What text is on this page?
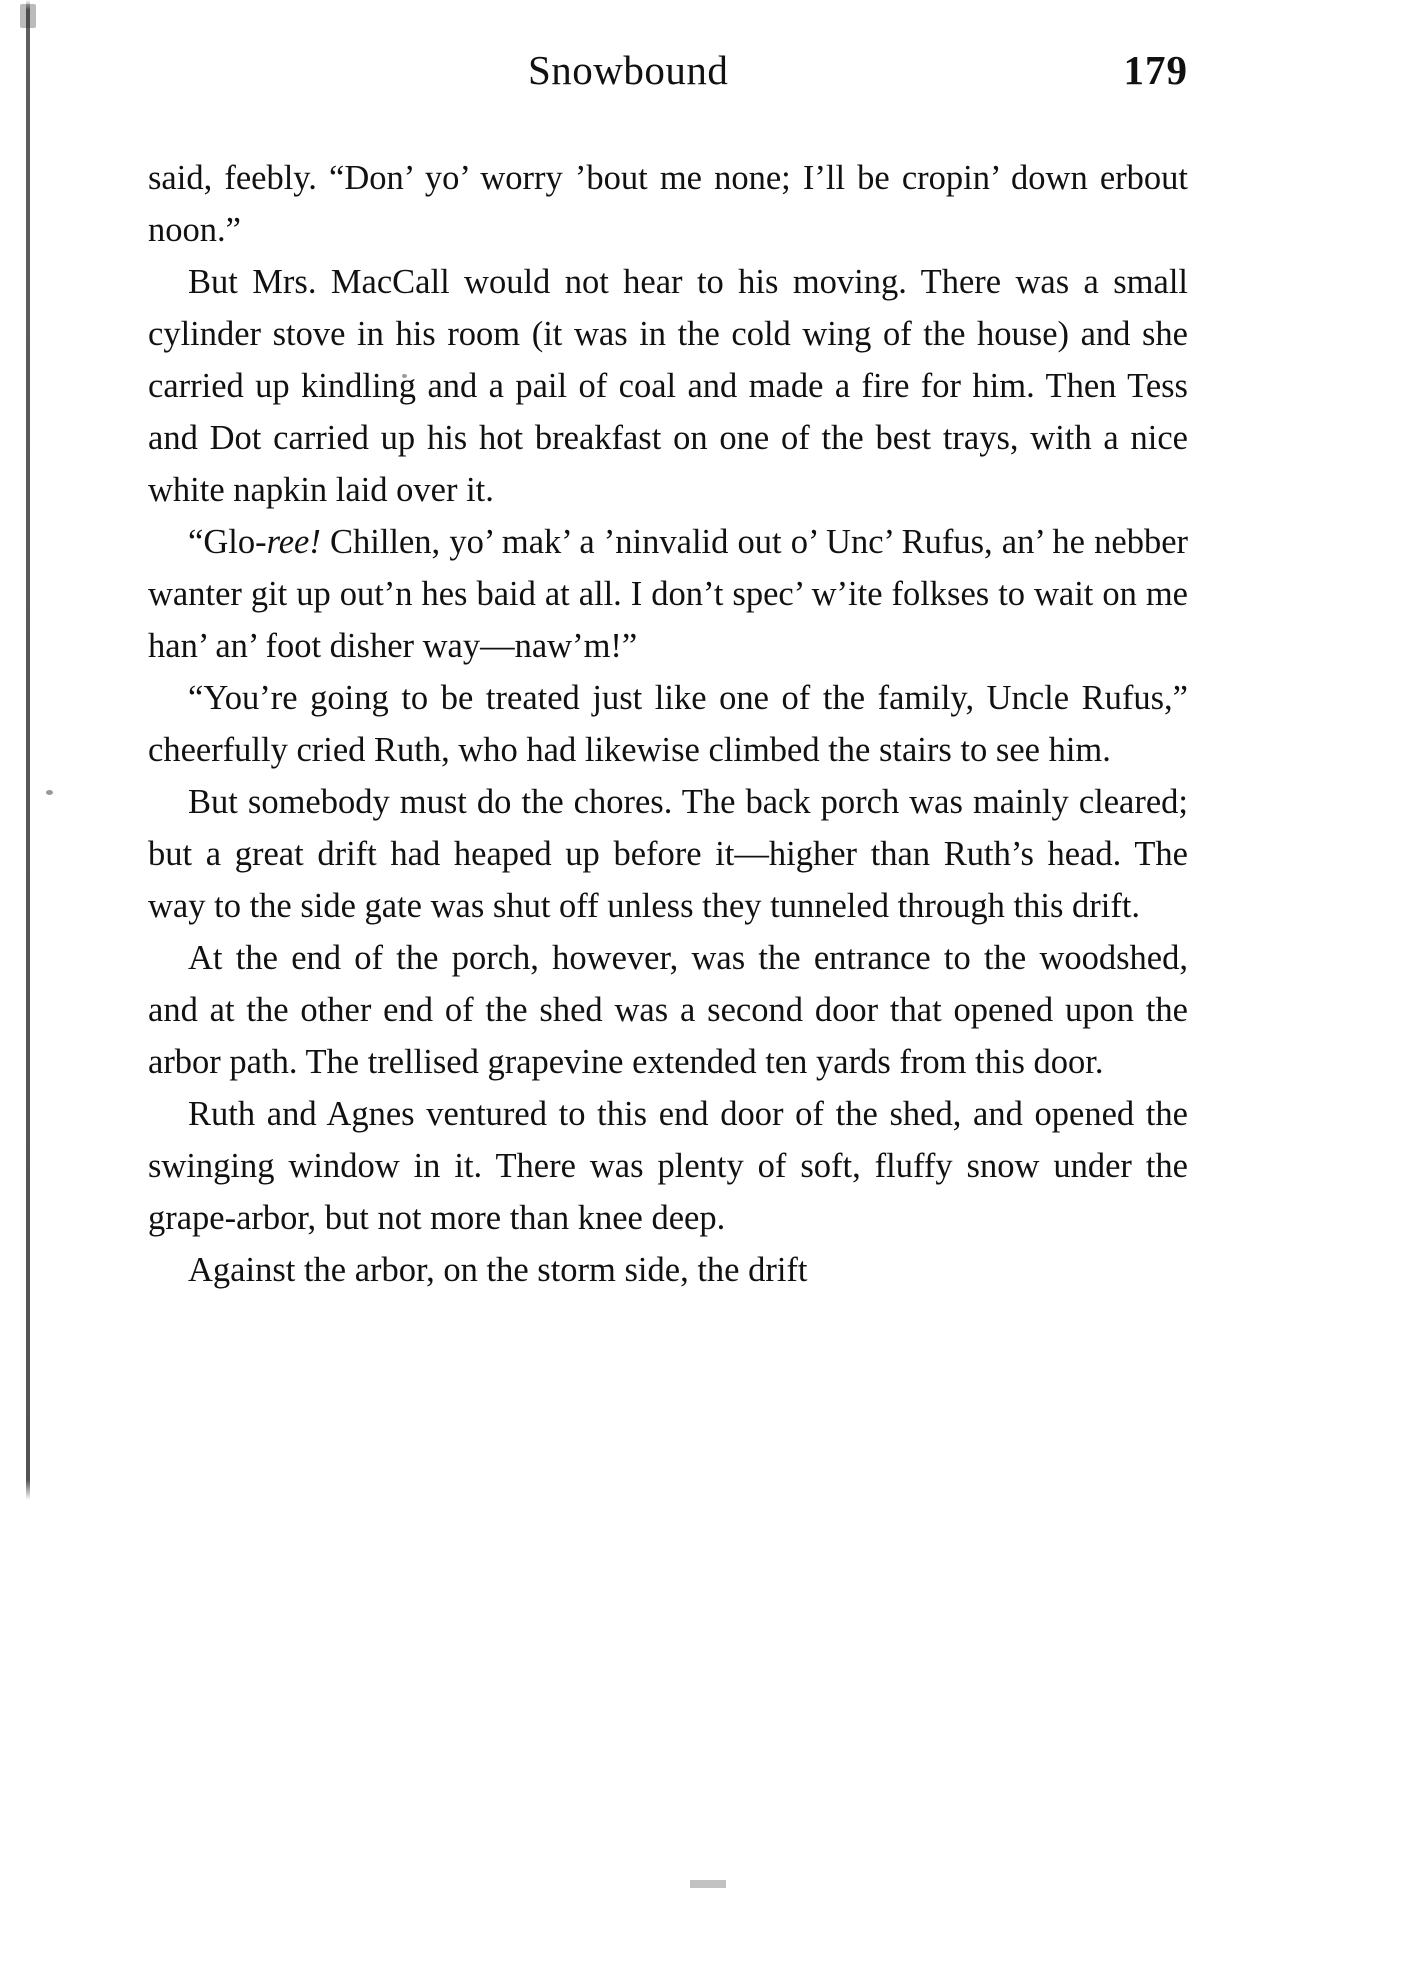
Snowbound	179

said, feebly. “Don’ yo’ worry ’bout me none; I’ll be cropin’ down erbout noon.”

But Mrs. MacCall would not hear to his moving. There was a small cylinder stove in his room (it was in the cold wing of the house) and she carried up kindling and a pail of coal and made a fire for him. Then Tess and Dot carried up his hot breakfast on one of the best trays, with a nice white napkin laid over it.

“Glo-ree! Chillen, yo’ mak’ a ’ninvalid out o’ Unc’ Rufus, an’ he nebber wanter git up out’n hes baid at all. I don’t spec’ w’ite folkses to wait on me han’ an’ foot disher way—naw’m!”

“You’re going to be treated just like one of the family, Uncle Rufus,” cheerfully cried Ruth, who had likewise climbed the stairs to see him.

But somebody must do the chores. The back porch was mainly cleared; but a great drift had heaped up before it—higher than Ruth’s head. The way to the side gate was shut off unless they tunneled through this drift.

At the end of the porch, however, was the entrance to the woodshed, and at the other end of the shed was a second door that opened upon the arbor path. The trellised grapevine extended ten yards from this door.

Ruth and Agnes ventured to this end door of the shed, and opened the swinging window in it. There was plenty of soft, fluffy snow under the grape-arbor, but not more than knee deep.

Against the arbor, on the storm side, the drift
